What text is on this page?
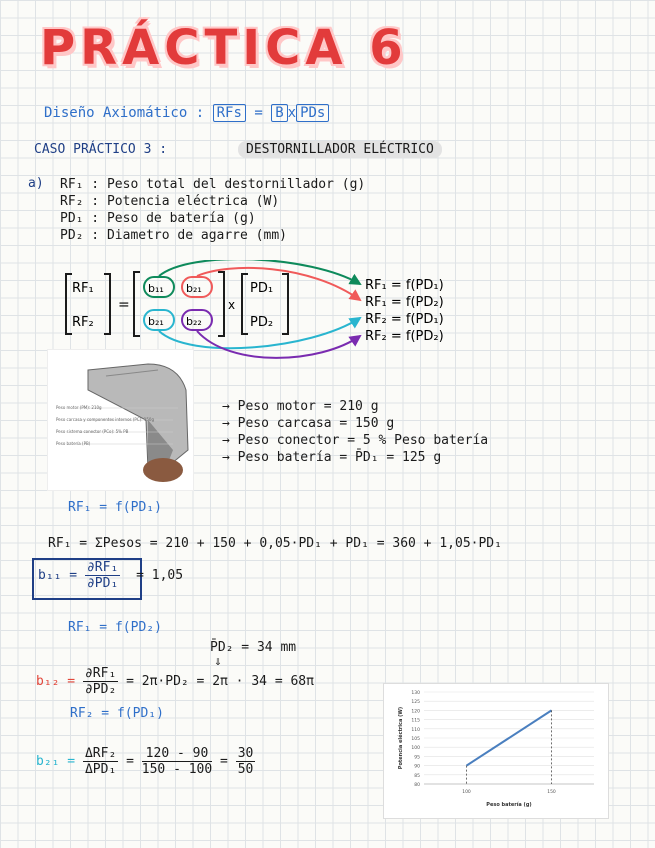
PRÁCTICA 6
Diseño Axiomático : RFs = B x PDs
CASO PRÁCTICO 3 :	DESTORNILLADOR ELÉCTRICO
a) RF₁ : Peso total del destornillador (g)
RF₂ : Potencia eléctrica (W)
PD₁ : Peso de batería (g)
PD₂ : Diametro de agarre (mm)
RF₁
RF₂
=
b₁₁ b₂₁
b₂₁ b₂₂
x
PD₁
PD₂
RF₁ = f(PD₁)
RF₁ = f(PD₂)
RF₂ = f(PD₁)
RF₂ = f(PD₂)
Peso motor (PM): 210g
Peso carcasa y componentes internos (PC): 150g
Peso sistema conector (PCo): 5% PB
Peso batería (PB)
→ Peso motor = 210 g
→ Peso carcasa = 150 g
→ Peso conector = 5 % Peso batería
→ Peso batería = P̄D₁ = 125 g
RF₁ = f(PD₁)
RF₁ = ΣPesos = 210 + 150 + 0,05·PD₁ + PD₁ = 360 + 1,05·PD₁
$b_{11} = \frac{\text{∂RF₁}}{\text{∂PD₁}} = 1,05$
RF₁ = f(PD₂)
P̄D₂ = 34 mm
⇓
$b_{12} = \frac{\text{∂RF₁}}{\text{∂PD₂}} = 2\pi\cdot PD_2 = 2\pi \cdot 34 = 68\pi$
RF₂ = f(PD₁)
$b_{21} = \frac{\text{ΔRF₂}}{\text{ΔPD₁}} = \frac{120 - 90}{150 - 100} = \frac{30}{50}$
80
85
90
95
100
105
110
115
120
125
130
100	150
Peso batería (g)
Potencia eléctrica (W)
